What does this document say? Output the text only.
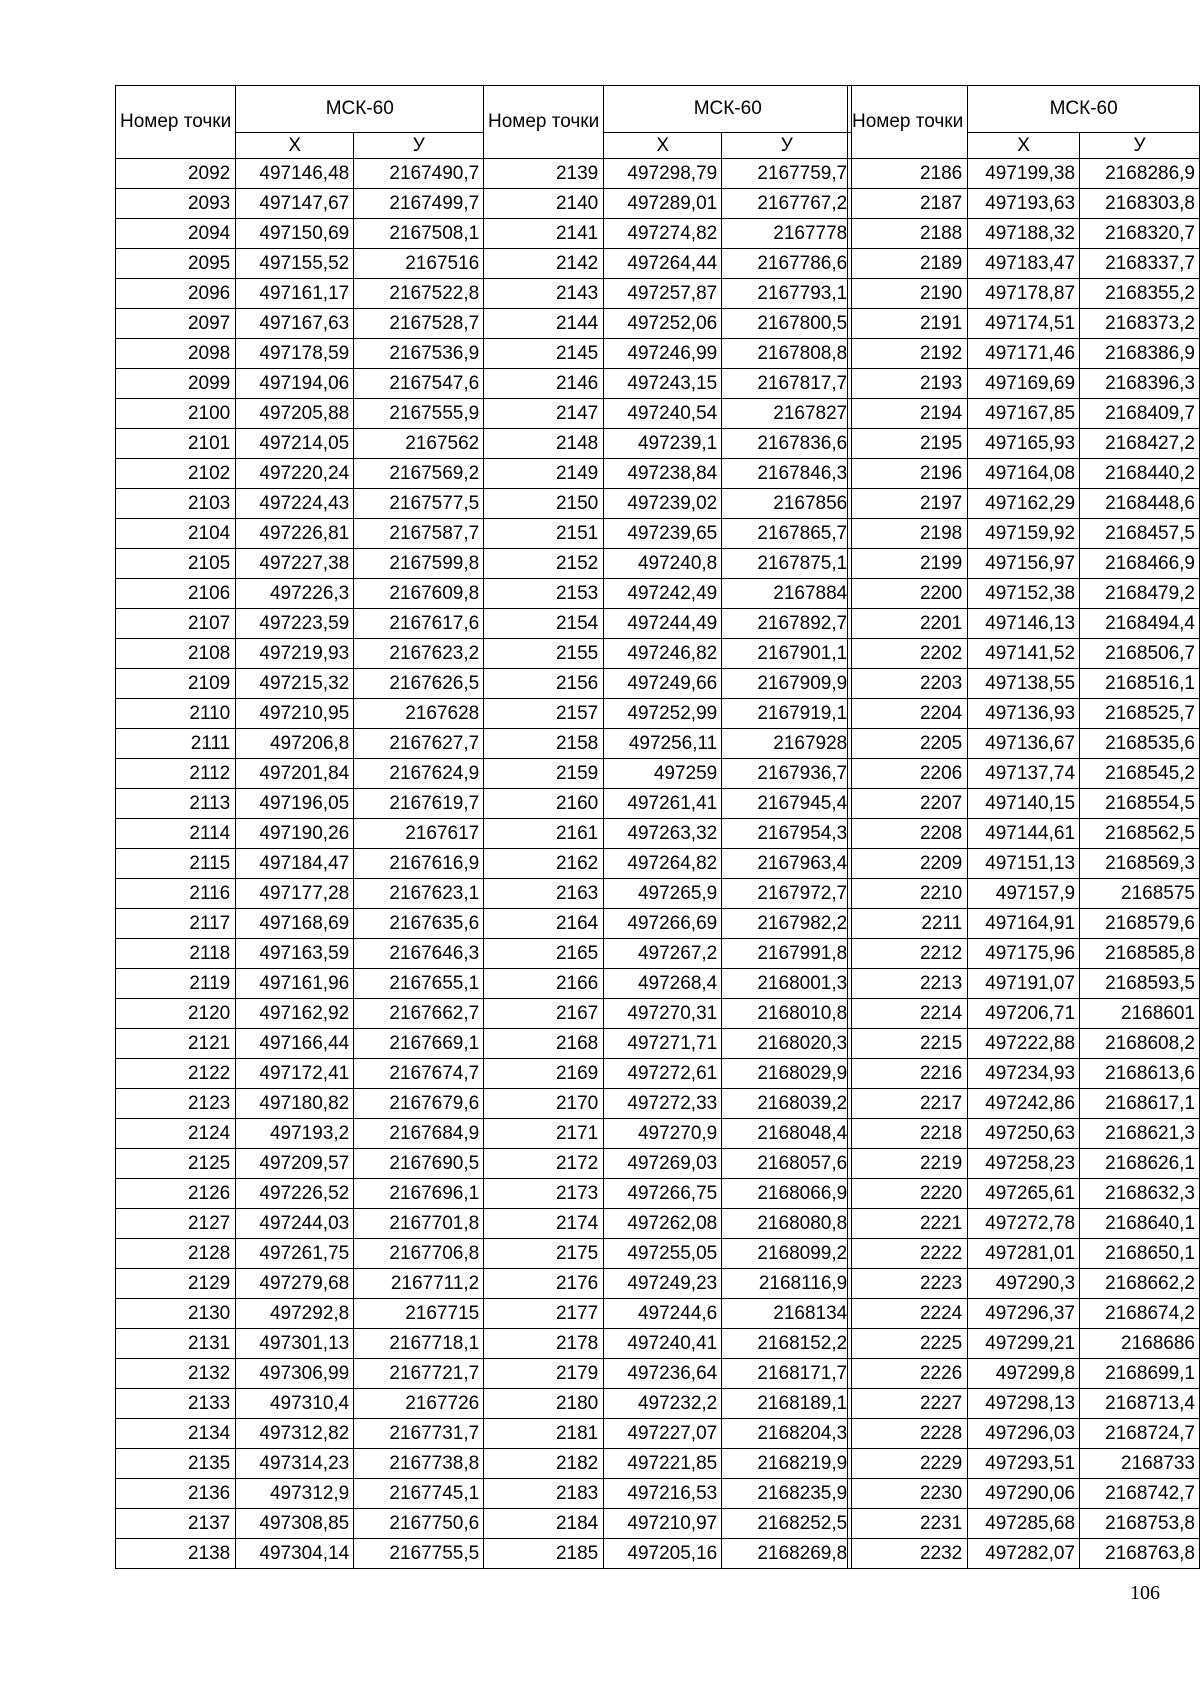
Номер точки	МСК-60	
	Х	У
2092	497146,48	2167490,7
2093	497147,67	2167499,7
2094	497150,69	2167508,1
2095	497155,52	2167516
2096	497161,17	2167522,8
2097	497167,63	2167528,7
2098	497178,59	2167536,9
2099	497194,06	2167547,6
2100	497205,88	2167555,9
2101	497214,05	2167562
2102	497220,24	2167569,2
2103	497224,43	2167577,5
2104	497226,81	2167587,7
2105	497227,38	2167599,8
2106	497226,3	2167609,8
2107	497223,59	2167617,6
2108	497219,93	2167623,2
2109	497215,32	2167626,5
2110	497210,95	2167628
2111	497206,8	2167627,7
2112	497201,84	2167624,9
2113	497196,05	2167619,7
2114	497190,26	2167617
2115	497184,47	2167616,9
2116	497177,28	2167623,1
2117	497168,69	2167635,6
2118	497163,59	2167646,3
2119	497161,96	2167655,1
2120	497162,92	2167662,7
2121	497166,44	2167669,1
2122	497172,41	2167674,7
2123	497180,82	2167679,6
2124	497193,2	2167684,9
2125	497209,57	2167690,5
2126	497226,52	2167696,1
2127	497244,03	2167701,8
2128	497261,75	2167706,8
2129	497279,68	2167711,2
2130	497292,8	2167715
2131	497301,13	2167718,1
2132	497306,99	2167721,7
2133	497310,4	2167726
2134	497312,82	2167731,7
2135	497314,23	2167738,8
2136	497312,9	2167745,1
2137	497308,85	2167750,6
2138	497304,14	2167755,5
Номер точки	МСК-60	
	Х	У
2139	497298,79	2167759,7
2140	497289,01	2167767,2
2141	497274,82	2167778
2142	497264,44	2167786,6
2143	497257,87	2167793,1
2144	497252,06	2167800,5
2145	497246,99	2167808,8
2146	497243,15	2167817,7
2147	497240,54	2167827
2148	497239,1	2167836,6
2149	497238,84	2167846,3
2150	497239,02	2167856
2151	497239,65	2167865,7
2152	497240,8	2167875,1
2153	497242,49	2167884
2154	497244,49	2167892,7
2155	497246,82	2167901,1
2156	497249,66	2167909,9
2157	497252,99	2167919,1
2158	497256,11	2167928
2159	497259	2167936,7
2160	497261,41	2167945,4
2161	497263,32	2167954,3
2162	497264,82	2167963,4
2163	497265,9	2167972,7
2164	497266,69	2167982,2
2165	497267,2	2167991,8
2166	497268,4	2168001,3
2167	497270,31	2168010,8
2168	497271,71	2168020,3
2169	497272,61	2168029,9
2170	497272,33	2168039,2
2171	497270,9	2168048,4
2172	497269,03	2168057,6
2173	497266,75	2168066,9
2174	497262,08	2168080,8
2175	497255,05	2168099,2
2176	497249,23	2168116,9
2177	497244,6	2168134
2178	497240,41	2168152,2
2179	497236,64	2168171,7
2180	497232,2	2168189,1
2181	497227,07	2168204,3
2182	497221,85	2168219,9
2183	497216,53	2168235,9
2184	497210,97	2168252,5
2185	497205,16	2168269,8
Номер точки	МСК-60	
	Х	У
2186	497199,38	2168286,9
2187	497193,63	2168303,8
2188	497188,32	2168320,7
2189	497183,47	2168337,7
2190	497178,87	2168355,2
2191	497174,51	2168373,2
2192	497171,46	2168386,9
2193	497169,69	2168396,3
2194	497167,85	2168409,7
2195	497165,93	2168427,2
2196	497164,08	2168440,2
2197	497162,29	2168448,6
2198	497159,92	2168457,5
2199	497156,97	2168466,9
2200	497152,38	2168479,2
2201	497146,13	2168494,4
2202	497141,52	2168506,7
2203	497138,55	2168516,1
2204	497136,93	2168525,7
2205	497136,67	2168535,6
2206	497137,74	2168545,2
2207	497140,15	2168554,5
2208	497144,61	2168562,5
2209	497151,13	2168569,3
2210	497157,9	2168575
2211	497164,91	2168579,6
2212	497175,96	2168585,8
2213	497191,07	2168593,5
2214	497206,71	2168601
2215	497222,88	2168608,2
2216	497234,93	2168613,6
2217	497242,86	2168617,1
2218	497250,63	2168621,3
2219	497258,23	2168626,1
2220	497265,61	2168632,3
2221	497272,78	2168640,1
2222	497281,01	2168650,1
2223	497290,3	2168662,2
2224	497296,37	2168674,2
2225	497299,21	2168686
2226	497299,8	2168699,1
2227	497298,13	2168713,4
2228	497296,03	2168724,7
2229	497293,51	2168733
2230	497290,06	2168742,7
2231	497285,68	2168753,8
2232	497282,07	2168763,8
106
